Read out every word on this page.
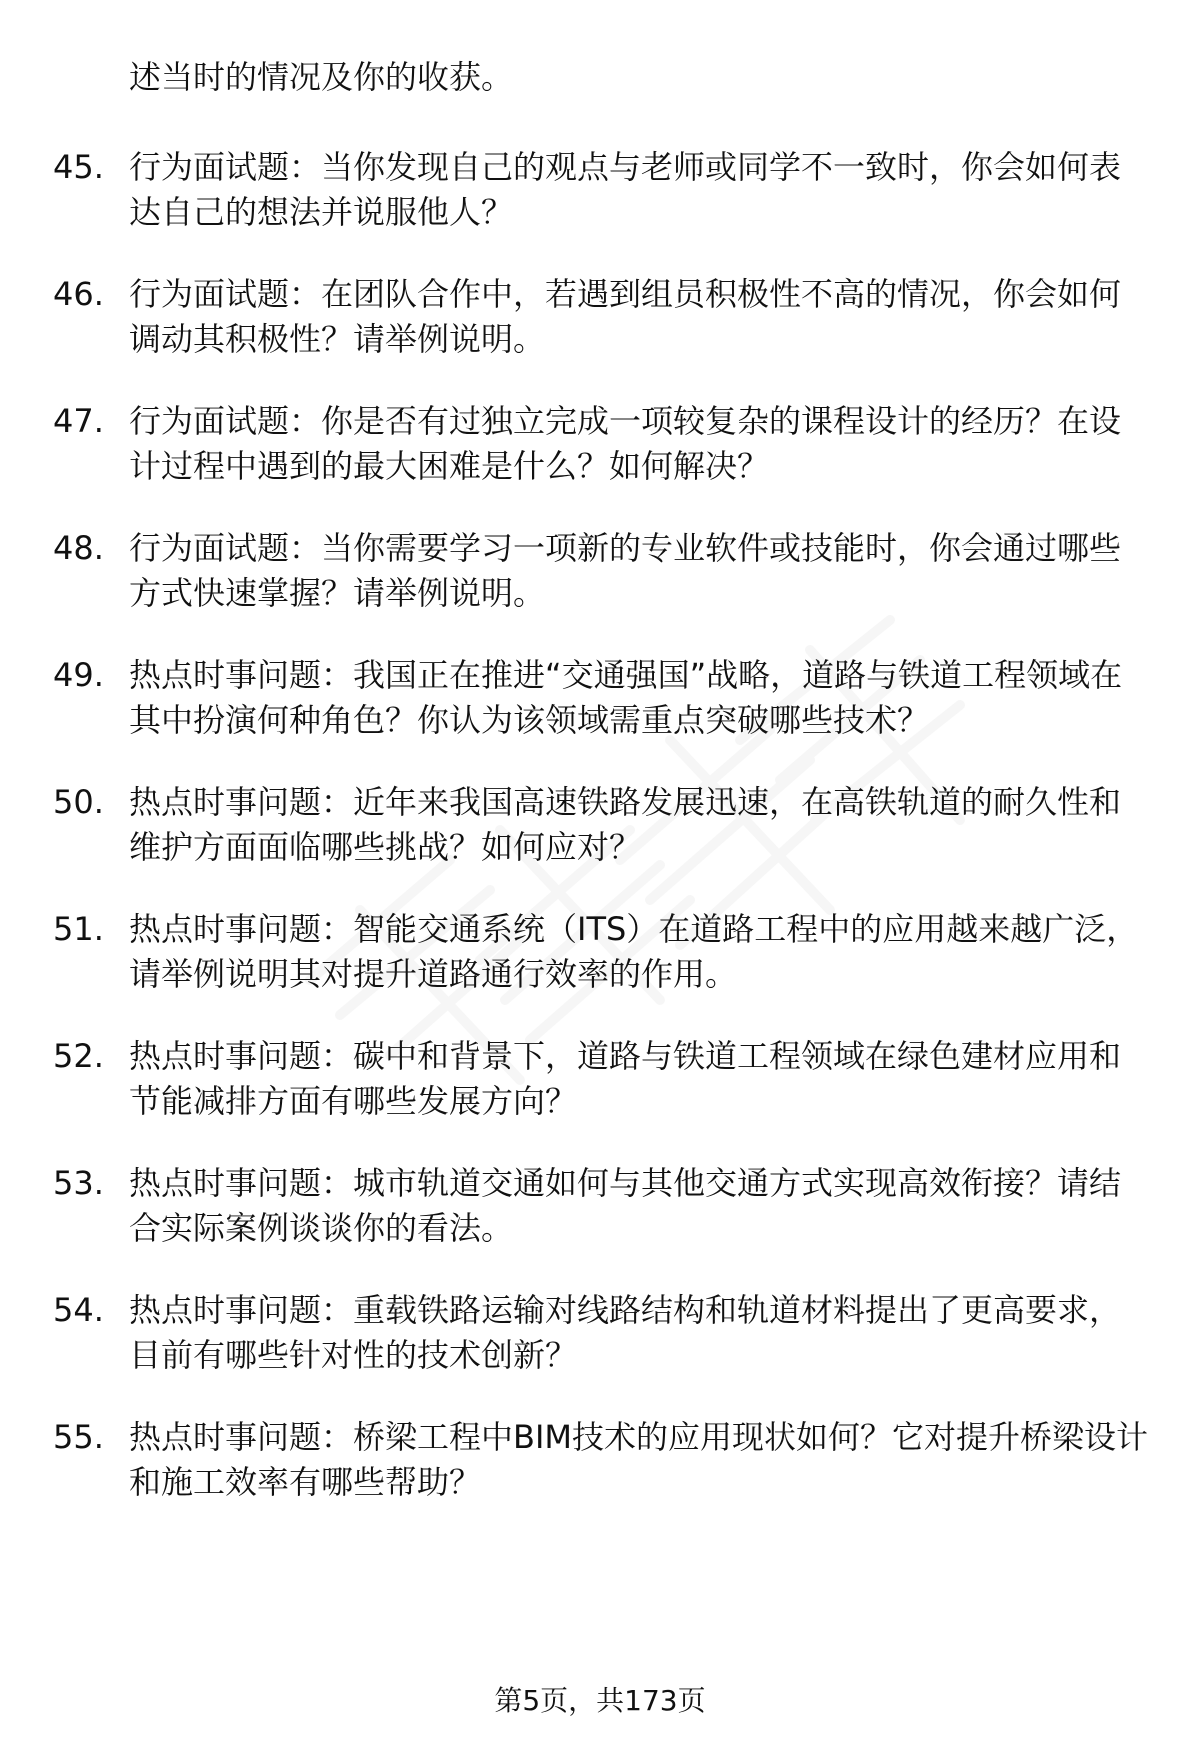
述当时的情况及你的收获。
45. 行为面试题：当你发现自己的观点与老师或同学不一致时，你会如何表达自己的想法并说服他人？
46. 行为面试题：在团队合作中，若遇到组员积极性不高的情况，你会如何调动其积极性？请举例说明。
47. 行为面试题：你是否有过独立完成一项较复杂的课程设计的经历？在设计过程中遇到的最大困难是什么？如何解决？
48. 行为面试题：当你需要学习一项新的专业软件或技能时，你会通过哪些方式快速掌握？请举例说明。
49. 热点时事问题：我国正在推进“交通强国”战略，道路与铁道工程领域在其中扮演何种角色？你认为该领域需重点突破哪些技术？
50. 热点时事问题：近年来我国高速铁路发展迅速，在高铁轨道的耐久性和维护方面面临哪些挑战？如何应对？
51. 热点时事问题：智能交通系统（ITS）在道路工程中的应用越来越广泛，请举例说明其对提升道路通行效率的作用。
52. 热点时事问题：碳中和背景下，道路与铁道工程领域在绿色建材应用和节能减排方面有哪些发展方向？
53. 热点时事问题：城市轨道交通如何与其他交通方式实现高效衔接？请结合实际案例谈谈你的看法。
54. 热点时事问题：重载铁路运输对线路结构和轨道材料提出了更高要求，目前有哪些针对性的技术创新？
55. 热点时事问题：桥梁工程中BIM技术的应用现状如何？它对提升桥梁设计和施工效率有哪些帮助？
第5页，共173页
